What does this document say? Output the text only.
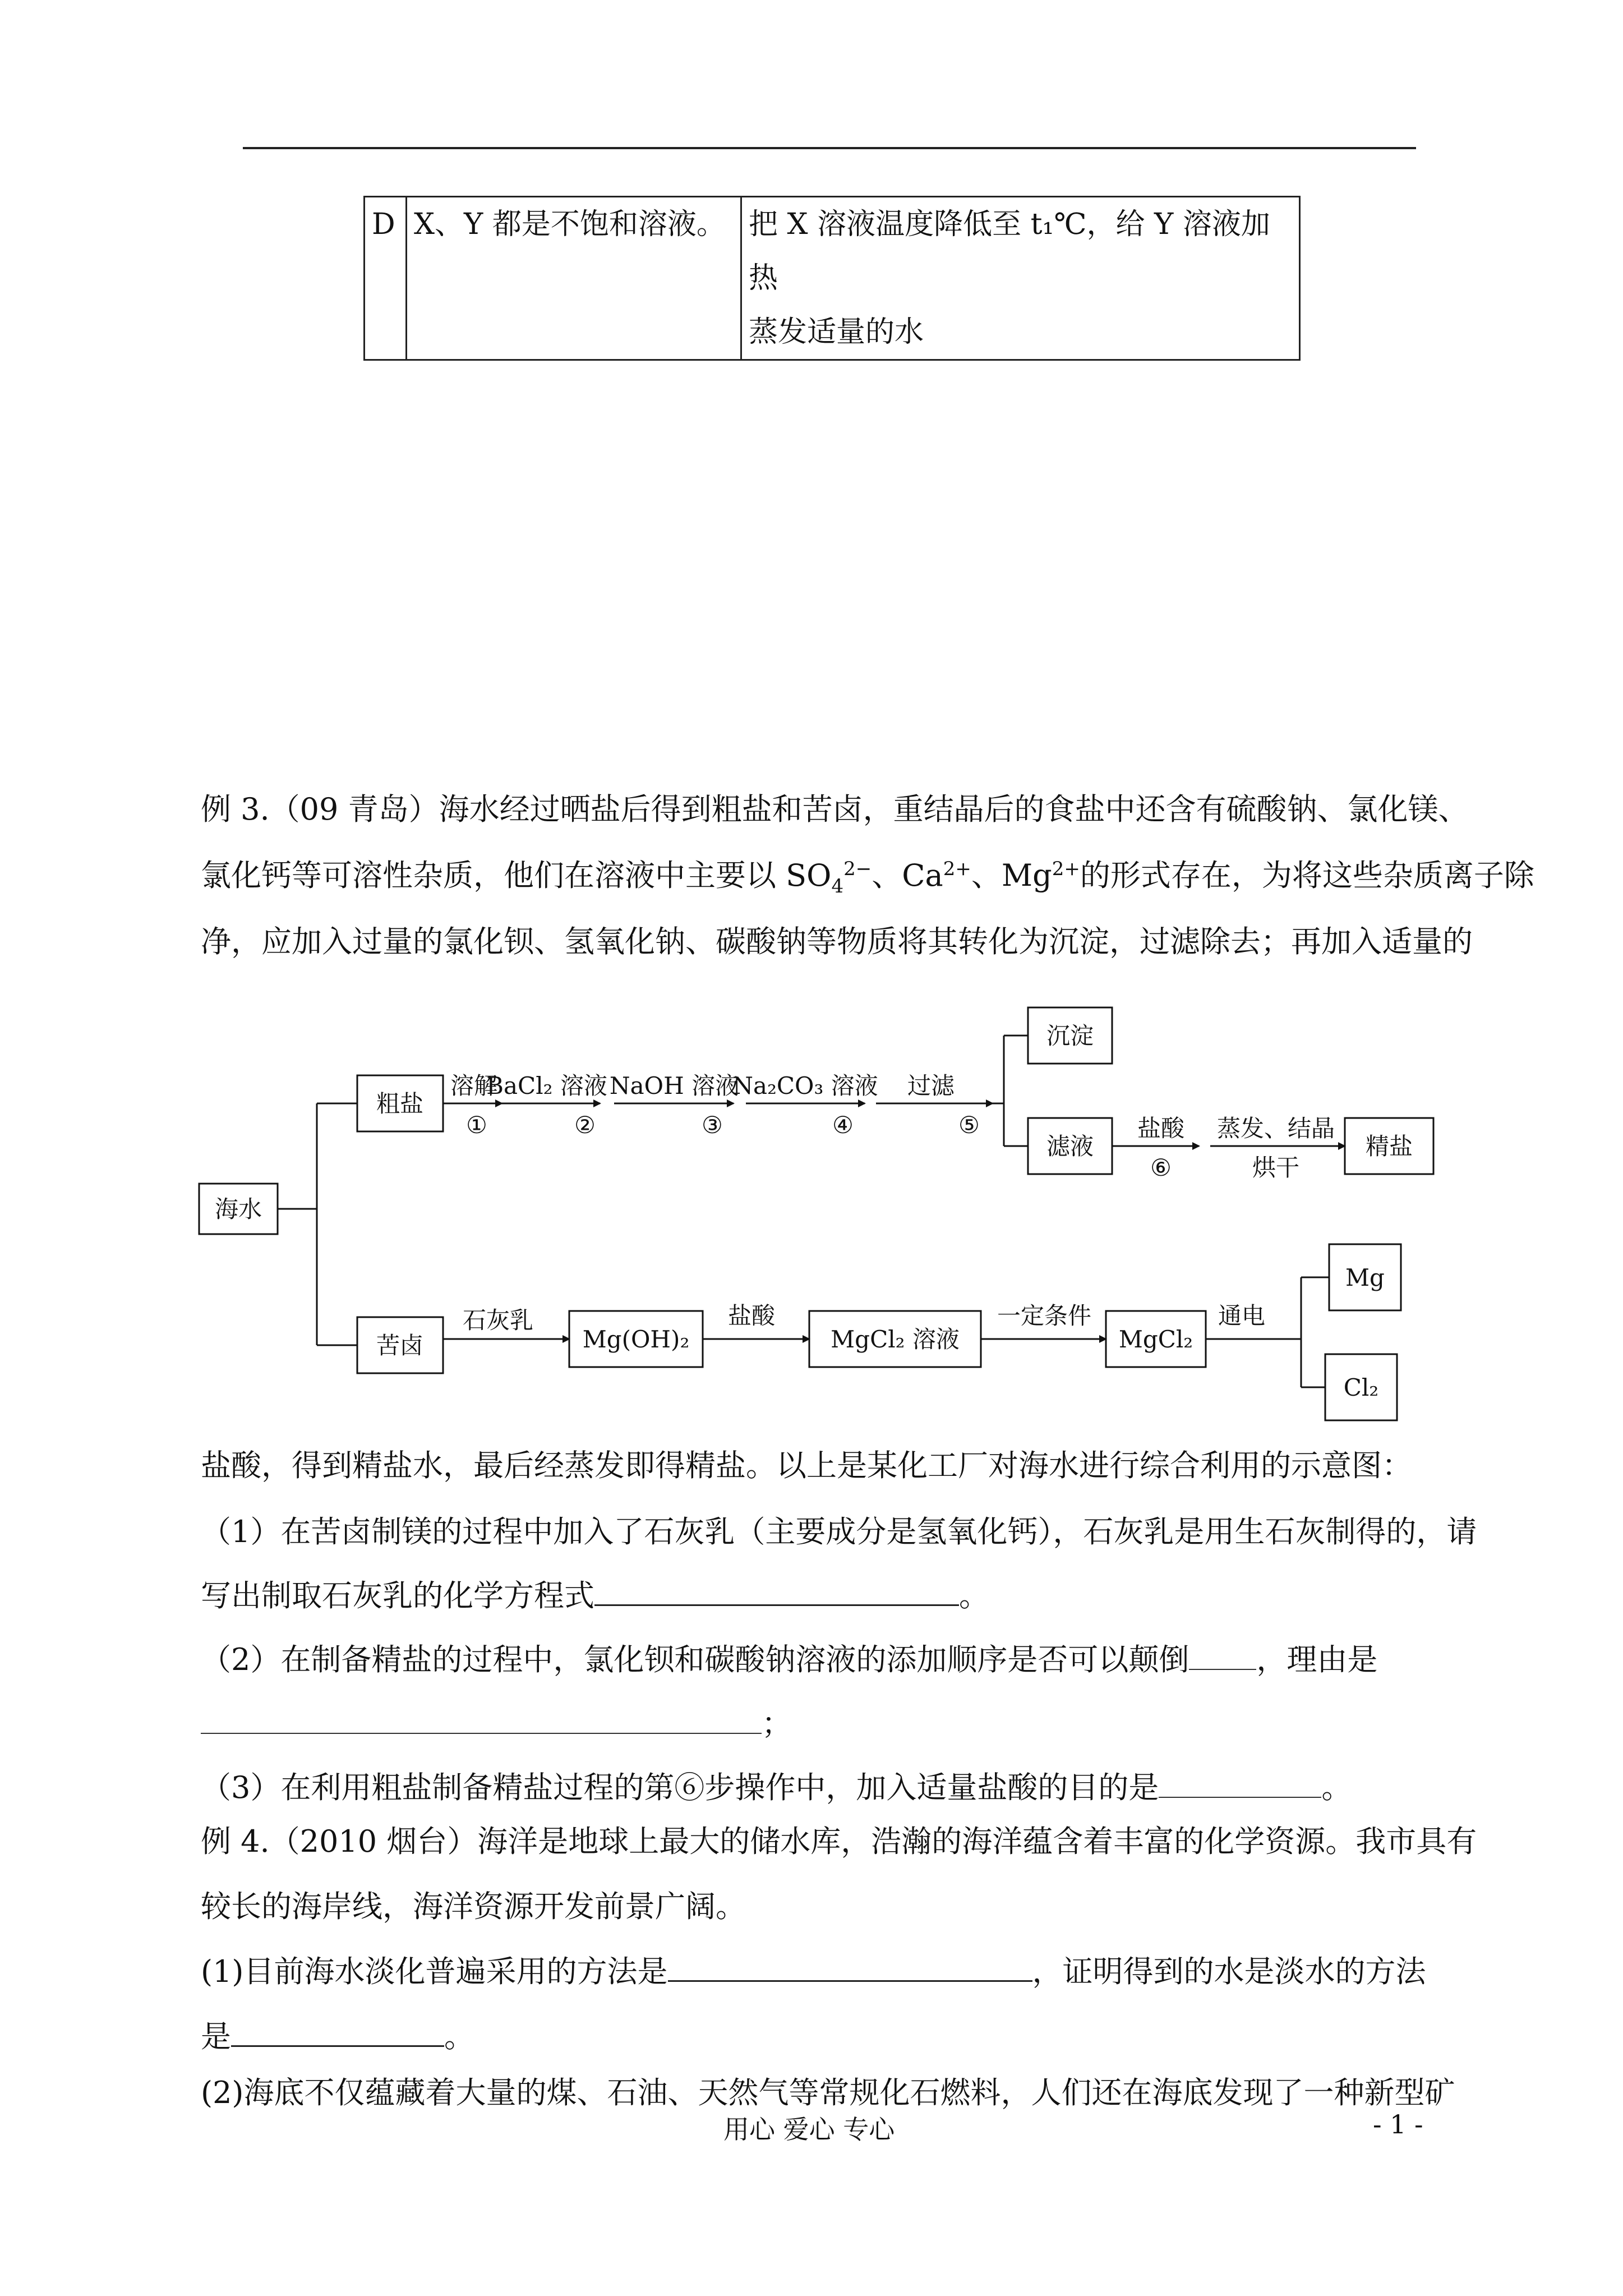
D	X、Y 都是不饱和溶液。	把 X 溶液温度降低至 t₁℃，给 Y 溶液加热
蒸发适量的水
例 3.（09 青岛）海水经过晒盐后得到粗盐和苦卤，重结晶后的食盐中还含有硫酸钠、氯化镁、
氯化钙等可溶性杂质，他们在溶液中主要以 $SO_4^{2-}$、$Ca^{2+}$、$Mg^{2+}$的形式存在，为将这些杂质离子除
净，应加入过量的氯化钡、氢氧化钠、碳酸钠等物质将其转化为沉淀，过滤除去；再加入适量的
海水
粗盐
苦卤
沉淀
滤液	精盐
Mg(OH)₂	MgCl₂ 溶液	MgCl₂
Mg
Cl₂
溶解
BaCl₂ 溶液 NaOH 溶液
Na₂CO₃ 溶液 过滤
①	②	③	④	⑤	盐酸
⑥
蒸发、结晶
烘干
石灰乳	盐酸	一定条件	通电
盐酸，得到精盐水，最后经蒸发即得精盐。以上是某化工厂对海水进行综合利用的示意图：
（1）在苦卤制镁的过程中加入了石灰乳（主要成分是氢氧化钙），石灰乳是用生石灰制得的，请
写出制取石灰乳的化学方程式	。
（2）在制备精盐的过程中，氯化钡和碳酸钠溶液的添加顺序是否可以颠倒 ，理由是
；
（3）在利用粗盐制备精盐过程的第⑥步操作中，加入适量盐酸的目的是	。
例 4.（2010 烟台）海洋是地球上最大的储水库，浩瀚的海洋蕴含着丰富的化学资源。我市具有
较长的海岸线，海洋资源开发前景广阔。
(1)目前海水淡化普遍采用的方法是	，证明得到的水是淡水的方法
是	。
(2)海底不仅蕴藏着大量的煤、石油、天然气等常规化石燃料，人们还在海底发现了一种新型矿
用心 爱心 专心	- 1 -
